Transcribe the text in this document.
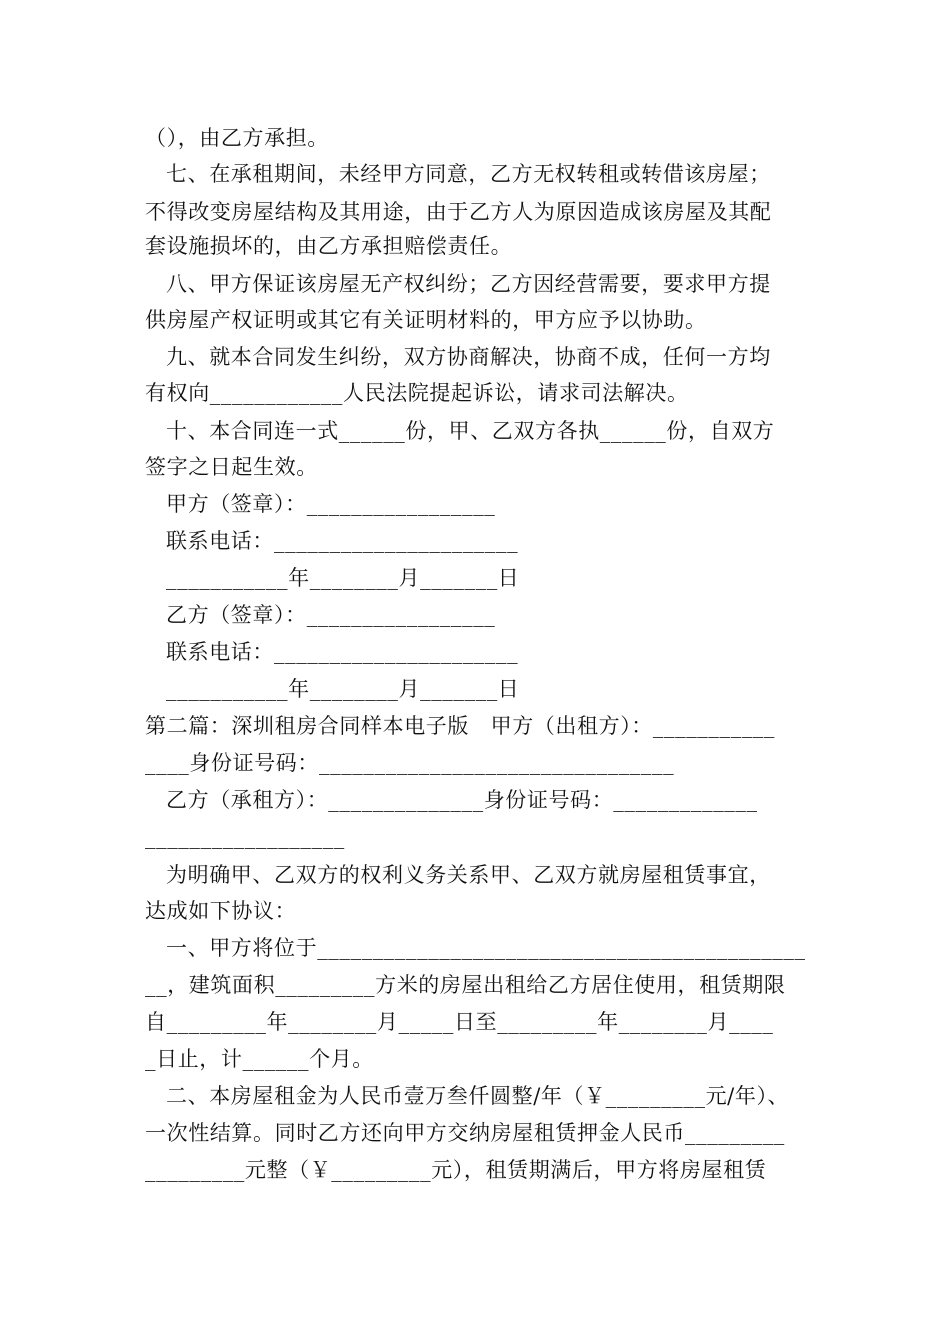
（），由乙方承担。
七、在承租期间，未经甲方同意，乙方无权转租或转借该房屋；
不得改变房屋结构及其用途，由于乙方人为原因造成该房屋及其配
套设施损坏的，由乙方承担赔偿责任。
八、甲方保证该房屋无产权纠纷；乙方因经营需要，要求甲方提
供房屋产权证明或其它有关证明材料的，甲方应予以协助。
九、就本合同发生纠纷，双方协商解决，协商不成，任何一方均
有权向____________人民法院提起诉讼，请求司法解决。
十、本合同连一式______份，甲、乙双方各执______份，自双方
签字之日起生效。
甲方（签章）：_________________
联系电话：______________________
___________年________月_______日
乙方（签章）：_________________
联系电话：______________________
___________年________月_______日
第二篇：深圳租房合同样本电子版　甲方（出租方）：___________
____身份证号码：________________________________
乙方（承租方）：______________身份证号码：_____________
__________________
为明确甲、乙双方的权利义务关系甲、乙双方就房屋租赁事宜，
达成如下协议：
一、甲方将位于____________________________________________
__，建筑面积_________方米的房屋出租给乙方居住使用，租赁期限
自_________年________月_____日至_________年________月____
_日止，计______个月。
二、本房屋租金为人民币壹万叁仟圆整/年（￥_________元/年）、
一次性结算。同时乙方还向甲方交纳房屋租赁押金人民币_________
_________元整（￥_________元），租赁期满后，甲方将房屋租赁
